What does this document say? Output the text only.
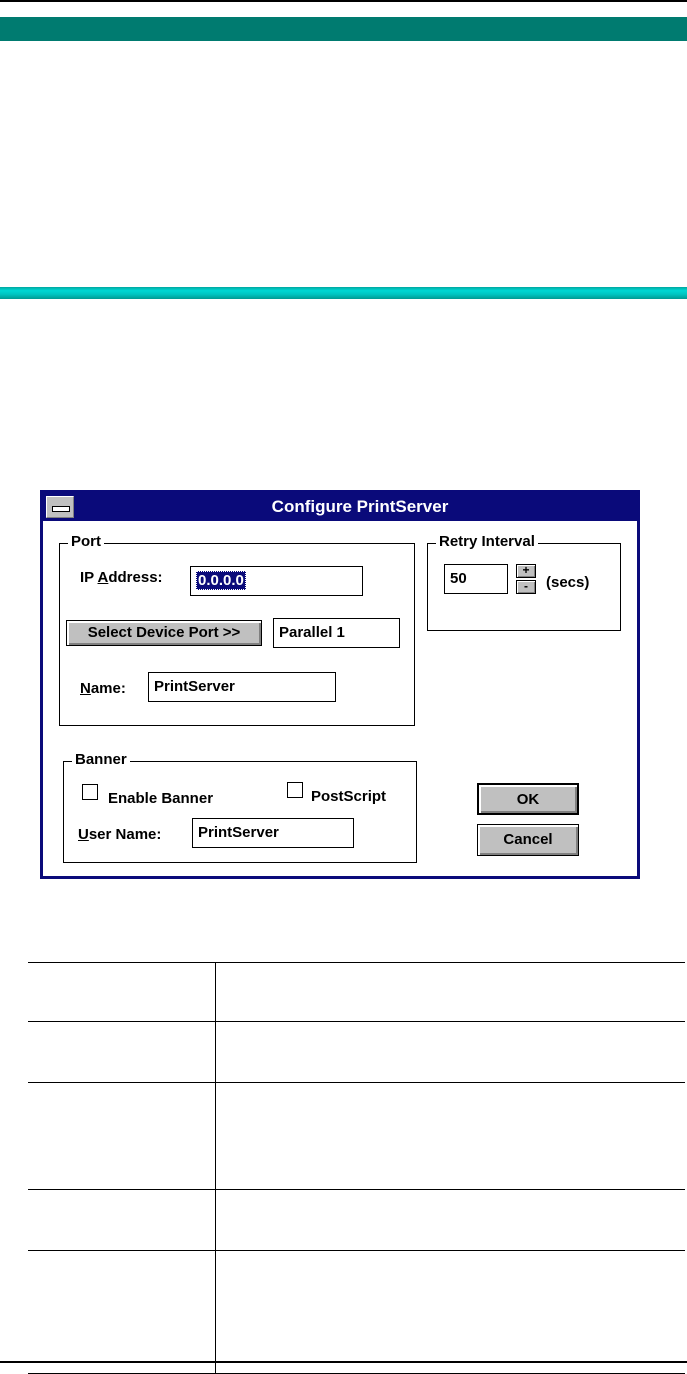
Configure PrintServer
Port
IP Address:	0.0.0.0
Select Device Port >>	Parallel 1
Name:	PrintServer
Retry Interval
50	+
-	(secs)
Banner
Enable Banner	PostScript
User Name:	PrintServer
OK
Cancel
